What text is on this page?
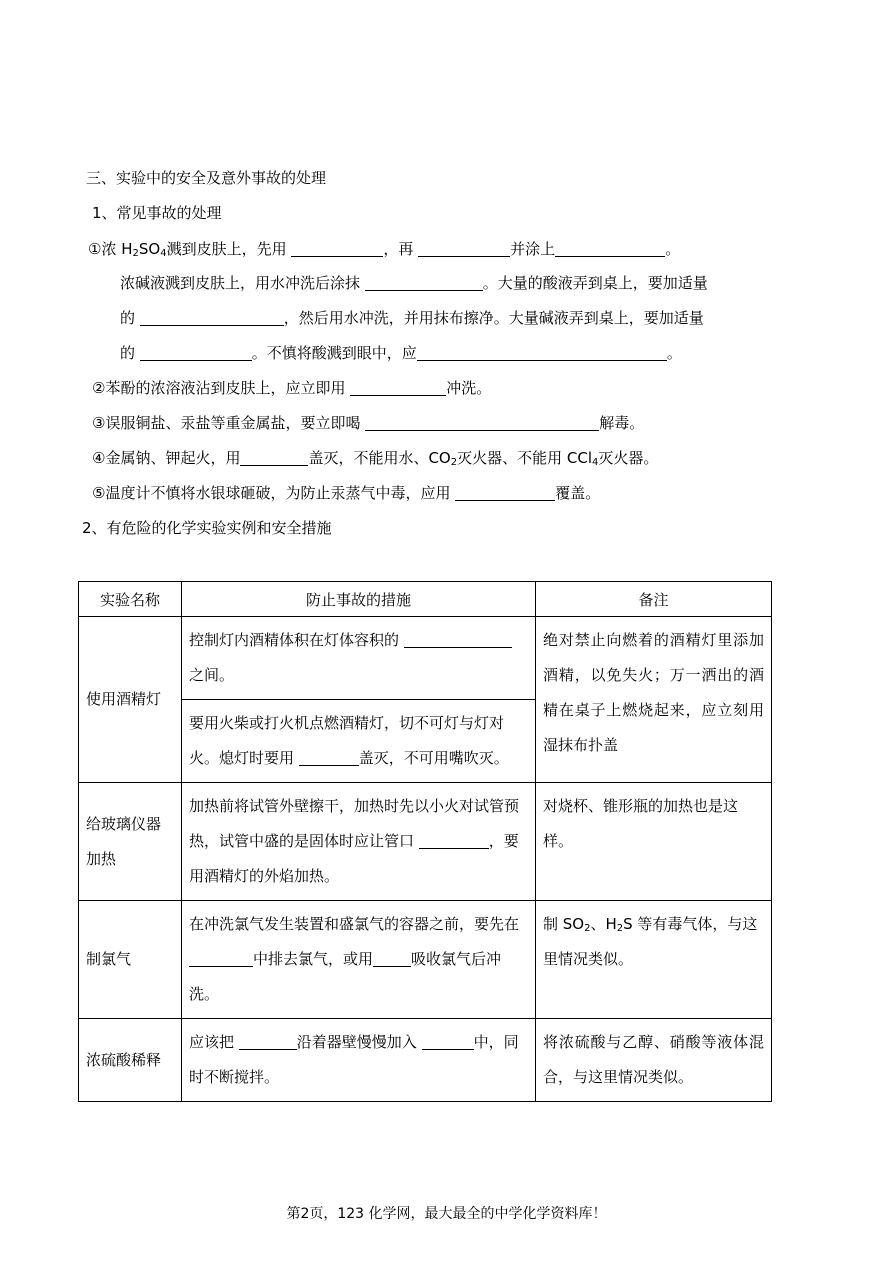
三、实验中的安全及意外事故的处理
1、常见事故的处理
①浓 $H_2SO_4$溅到皮肤上，先用	，再	并涂上	。
浓碱液溅到皮肤上，用水冲洗后涂抹	。大量的酸液弄到桌上，要加适量
的	，然后用水冲洗，并用抹布擦净。大量碱液弄到桌上，要加适量
的	。不慎将酸溅到眼中，应	。
②苯酚的浓溶液沾到皮肤上，应立即用	冲洗。
③误服铜盐、汞盐等重金属盐，要立即喝	解毒。
④金属钠、钾起火，用	盖灭，不能用水、$CO_2$灭火器、不能用 CCl$_4$灭火器。
⑤温度计不慎将水银球砸破，为防止汞蒸气中毒，应用	覆盖。
2、有危险的化学实验实例和安全措施
实验名称	防止事故的措施	备注
使用酒精灯	控制灯内酒精体积在灯体容积的
之间。	绝对禁止向燃着的酒精灯里添加酒精，以免失火；万一洒出的酒精在桌子上燃烧起来，应立刻用湿抹布扑盖
	要用火柴或打火机点燃酒精灯，切不可灯与灯对火。熄灯时要用 盖灭，不可用嘴吹灭。	
给玻璃仪器加热	加热前将试管外壁擦干，加热时先以小火对试管预热，试管中盛的是固体时应让管口 ，要用酒精灯的外焰加热。	对烧杯、锥形瓶的加热也是这样。
制氯气	在冲洗氯气发生装置和盛氯气的容器之前，要先在 中排去氯气，或用 吸收氯气后冲洗。	制 $SO_2$、$H_2S$ 等有毒气体，与这里情况类似。
浓硫酸稀释	应该把 沿着器壁慢慢加入 中，同时不断搅拌。	将浓硫酸与乙醇、硝酸等液体混合，与这里情况类似。
第2页，123 化学网，最大最全的中学化学资料库！
